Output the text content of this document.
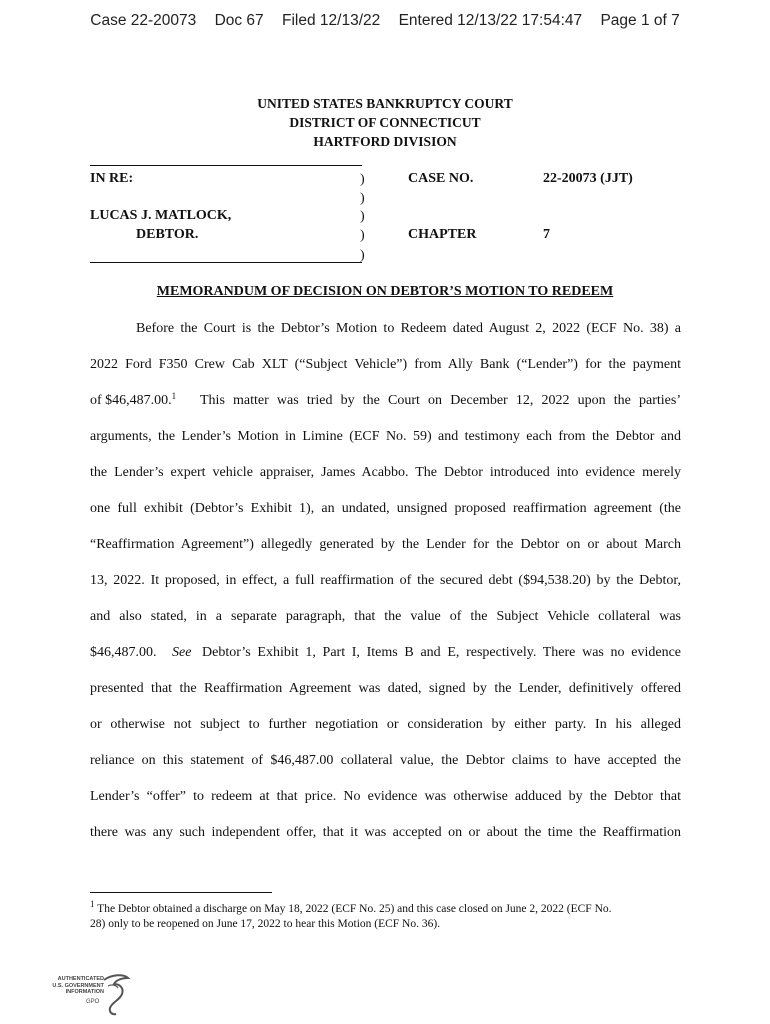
Case 22-20073 Doc 67 Filed 12/13/22 Entered 12/13/22 17:54:47 Page 1 of 7
UNITED STATES BANKRUPTCY COURT
DISTRICT OF CONNECTICUT
HARTFORD DIVISION
IN RE:
LUCAS J. MATLOCK,
DEBTOR.
)
)
)
)
)
CASE NO.	22-20073 (JJT)
CHAPTER	7
MEMORANDUM OF DECISION ON DEBTOR’S MOTION TO REDEEM
Before the Court is the Debtor’s Motion to Redeem dated August 2, 2022 (ECF No. 38) a
2022 Ford F350 Crew Cab XLT (“Subject Vehicle”) from Ally Bank (“Lender”) for the payment
of $46,487.00.$^1$ This matter was tried by the Court on December 12, 2022 upon the parties’
arguments, the Lender’s Motion in Limine (ECF No. 59) and testimony each from the Debtor and
the Lender’s expert vehicle appraiser, James Acabbo. The Debtor introduced into evidence merely
one full exhibit (Debtor’s Exhibit 1), an undated, unsigned proposed reaffirmation agreement (the
“Reaffirmation Agreement”) allegedly generated by the Lender for the Debtor on or about March
13, 2022. It proposed, in effect, a full reaffirmation of the secured debt ($94,538.20) by the Debtor,
and also stated, in a separate paragraph, that the value of the Subject Vehicle collateral was
$46,487.00. See Debtor’s Exhibit 1, Part I, Items B and E, respectively. There was no evidence
presented that the Reaffirmation Agreement was dated, signed by the Lender, definitively offered
or otherwise not subject to further negotiation or consideration by either party. In his alleged
reliance on this statement of $46,487.00 collateral value, the Debtor claims to have accepted the
Lender’s “offer” to redeem at that price. No evidence was otherwise adduced by the Debtor that
there was any such independent offer, that it was accepted on or about the time the Reaffirmation
$^1$ The Debtor obtained a discharge on May 18, 2022 (ECF No. 25) and this case closed on June 2, 2022 (ECF No.
28) only to be reopened on June 17, 2022 to hear this Motion (ECF No. 36).
AUTHENTICATED
U.S. GOVERNMENT
INFORMATION
GPO
